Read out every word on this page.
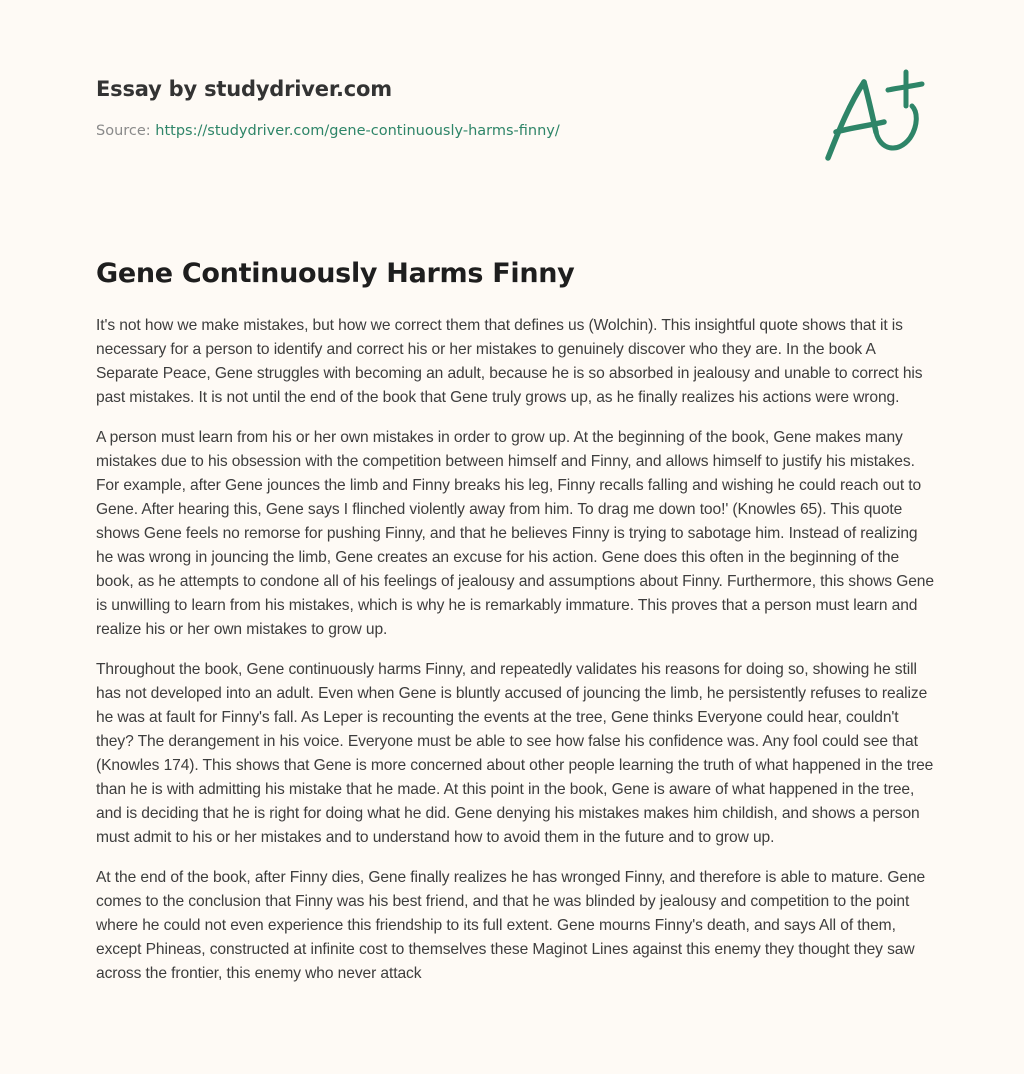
Essay by studydriver.com
Source: https://studydriver.com/gene-continuously-harms-finny/
Gene Continuously Harms Finny

It's not how we make mistakes, but how we correct them that defines us (Wolchin). This insightful quote shows that it is necessary for a person to identify and correct his or her mistakes to genuinely discover who they are. In the book A Separate Peace, Gene struggles with becoming an adult, because he is so absorbed in jealousy and unable to correct his past mistakes. It is not until the end of the book that Gene truly grows up, as he finally realizes his actions were wrong.

A person must learn from his or her own mistakes in order to grow up. At the beginning of the book, Gene makes many mistakes due to his obsession with the competition between himself and Finny, and allows himself to justify his mistakes. For example, after Gene jounces the limb and Finny breaks his leg, Finny recalls falling and wishing he could reach out to Gene. After hearing this, Gene says I flinched violently away from him. To drag me down too!' (Knowles 65). This quote shows Gene feels no remorse for pushing Finny, and that he believes Finny is trying to sabotage him. Instead of realizing he was wrong in jouncing the limb, Gene creates an excuse for his action. Gene does this often in the beginning of the book, as he attempts to condone all of his feelings of jealousy and assumptions about Finny. Furthermore, this shows Gene is unwilling to learn from his mistakes, which is why he is remarkably immature. This proves that a person must learn and realize his or her own mistakes to grow up.

Throughout the book, Gene continuously harms Finny, and repeatedly validates his reasons for doing so, showing he still has not developed into an adult. Even when Gene is bluntly accused of jouncing the limb, he persistently refuses to realize he was at fault for Finny's fall. As Leper is recounting the events at the tree, Gene thinks Everyone could hear, couldn't they? The derangement in his voice. Everyone must be able to see how false his confidence was. Any fool could see that (Knowles 174). This shows that Gene is more concerned about other people learning the truth of what happened in the tree than he is with admitting his mistake that he made. At this point in the book, Gene is aware of what happened in the tree, and is deciding that he is right for doing what he did. Gene denying his mistakes makes him childish, and shows a person must admit to his or her mistakes and to understand how to avoid them in the future and to grow up.

At the end of the book, after Finny dies, Gene finally realizes he has wronged Finny, and therefore is able to mature. Gene comes to the conclusion that Finny was his best friend, and that he was blinded by jealousy and competition to the point where he could not even experience this friendship to its full extent. Gene mourns Finny's death, and says All of them, except Phineas, constructed at infinite cost to themselves these Maginot Lines against this enemy they thought they saw across the frontier, this enemy who never attack
